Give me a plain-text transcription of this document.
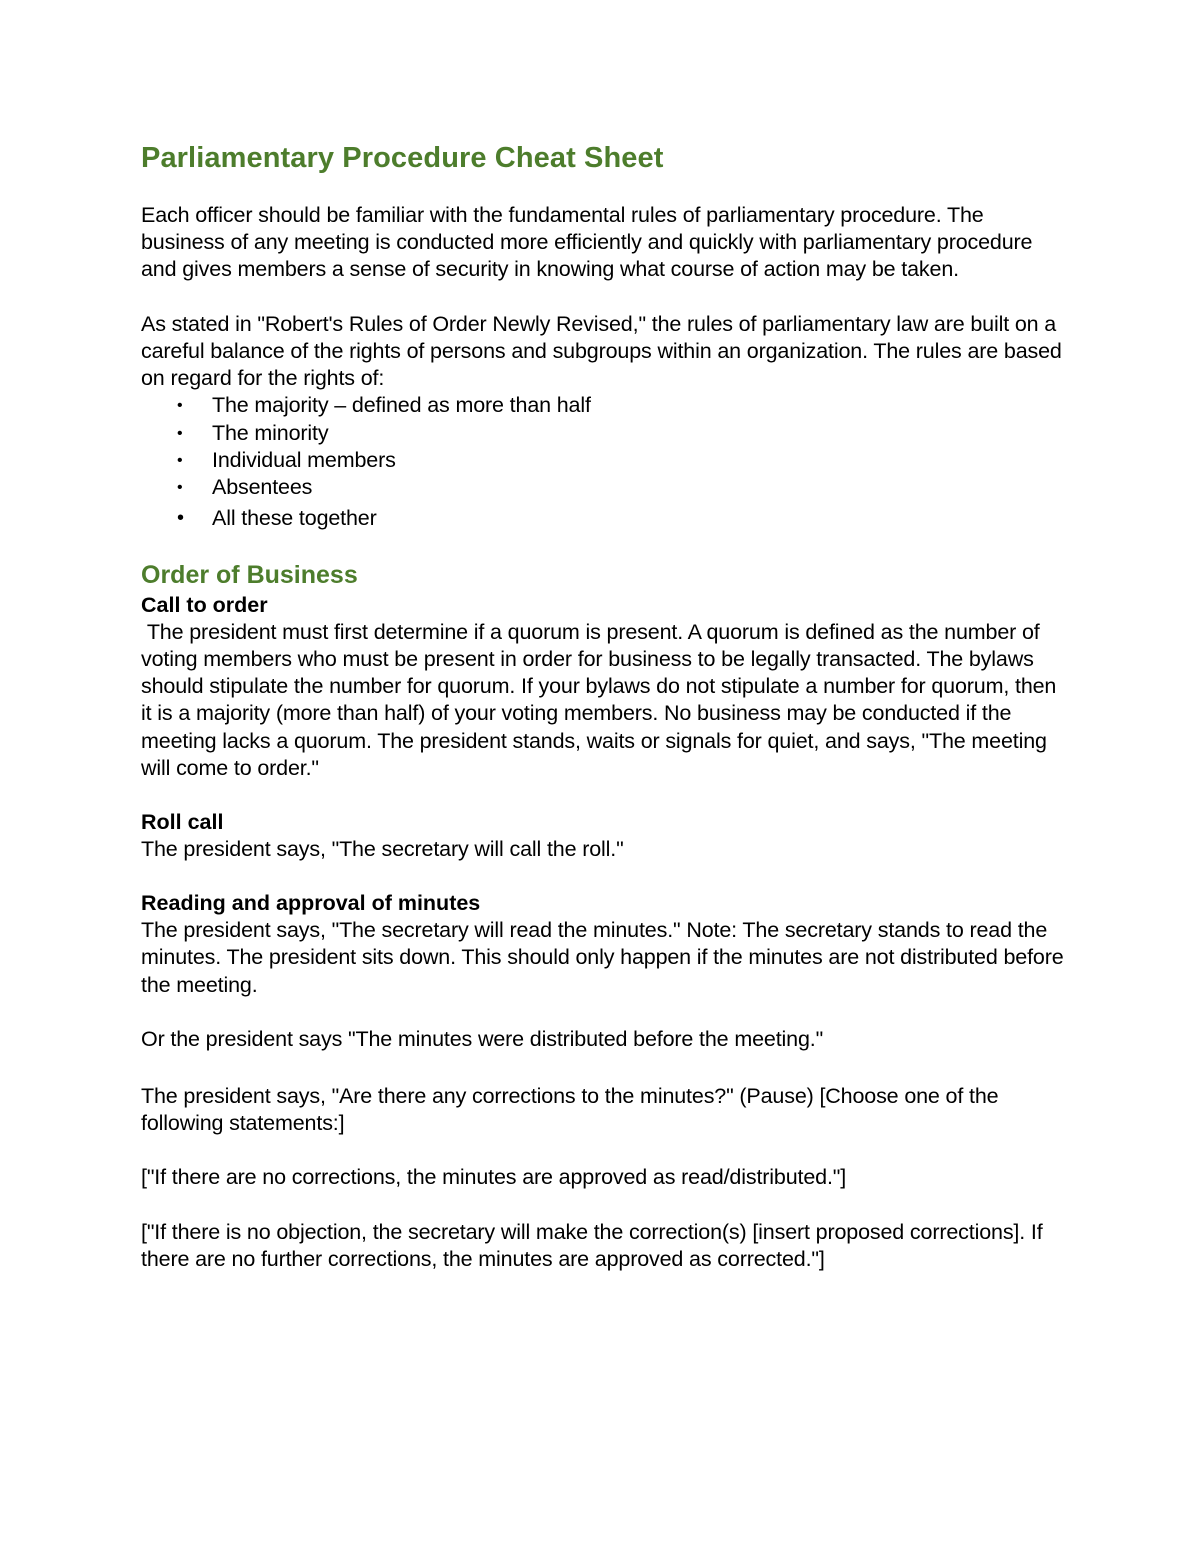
Parliamentary Procedure Cheat Sheet

Each officer should be familiar with the fundamental rules of parliamentary procedure. The business of any meeting is conducted more efficiently and quickly with parliamentary procedure and gives members a sense of security in knowing what course of action may be taken.

As stated in "Robert's Rules of Order Newly Revised," the rules of parliamentary law are built on a careful balance of the rights of persons and subgroups within an organization. The rules are based on regard for the rights of:

• The majority – defined as more than half
• The minority
• Individual members
• Absentees
• All these together
Order of Business
Call to order

The president must first determine if a quorum is present. A quorum is defined as the number of voting members who must be present in order for business to be legally transacted. The bylaws should stipulate the number for quorum. If your bylaws do not stipulate a number for quorum, then it is a majority (more than half) of your voting members. No business may be conducted if the meeting lacks a quorum. The president stands, waits or signals for quiet, and says, "The meeting will come to order."

Roll call

The president says, "The secretary will call the roll."

Reading and approval of minutes

The president says, "The secretary will read the minutes." Note: The secretary stands to read the minutes. The president sits down. This should only happen if the minutes are not distributed before the meeting.

Or the president says "The minutes were distributed before the meeting."

The president says, "Are there any corrections to the minutes?" (Pause) [Choose one of the following statements:]

["If there are no corrections, the minutes are approved as read/distributed."]

["If there is no objection, the secretary will make the correction(s) [insert proposed corrections]. If there are no further corrections, the minutes are approved as corrected."]
